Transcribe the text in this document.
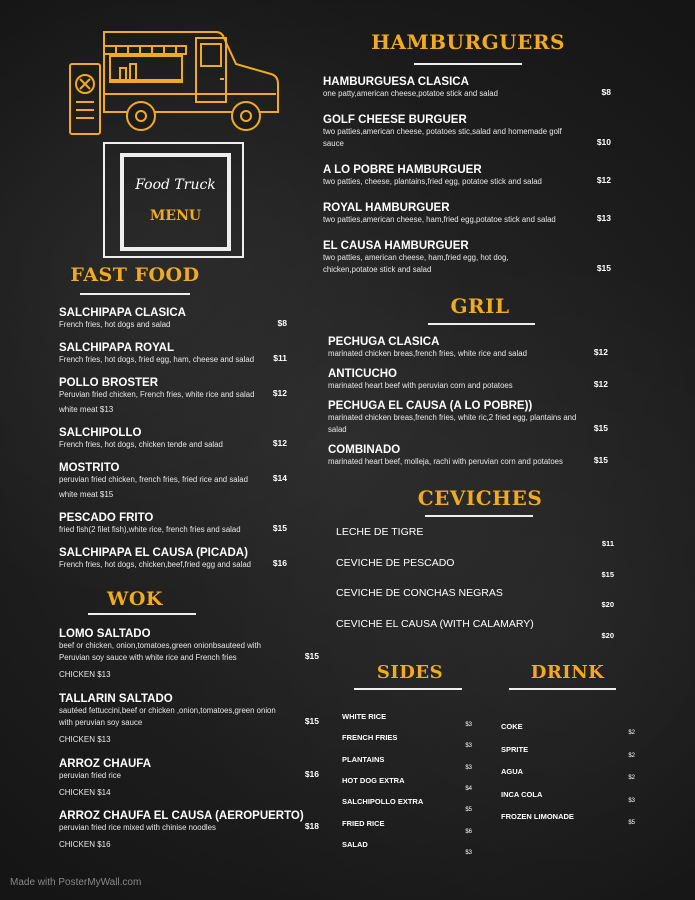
Food Truck
MENU
FAST FOOD
SALCHIPAPA CLASICA
French fries, hot dogs and salad	$8
SALCHIPAPA ROYAL
French fries, hot dogs, fried egg, ham, cheese and salad $11
POLLO BROSTER
Peruvian fried chicken, French fries, white rice and salad $12
white meat $13
SALCHIPOLLO
French fries, hot dogs, chicken tende and salad	$12
MOSTRITO
peruvian fried chicken, french fries, fried rice and salad	$14
white meat $15
PESCADO FRITO
fried fish(2 filet fish),white rice, french fries and salad	$15
SALCHIPAPA EL CAUSA (PICADA)
French fries, hot dogs, chicken,beef,fried egg and salad	$16
WOK
LOMO SALTADO
beef or chicken, onion,tomatoes,green onionbsauteed with
Peruvian soy sauce with white rice and French fries	$15
CHICKEN $13
TALLARIN SALTADO
sautéed fettuccini,beef or chicken ,onion,tomatoes,green onion
with peruvian soy sauce	$15
CHICKEN $13
ARROZ CHAUFA
peruvian fried rice	$16
CHICKEN $14
ARROZ CHAUFA EL CAUSA (AEROPUERTO)
peruvian fried rice mixed with chinise noodles	$18
CHICKEN $16
HAMBURGUERS
HAMBURGUESA CLASICA
one patty,american cheese,potatoe stick and salad	$8
GOLF CHEESE BURGUER
two patties,american cheese, potatoes stic,salad and homemade golf
sauce	$10
A LO POBRE HAMBURGUER
two patties, cheese, plantains,fried egg, potatoe stick and salad	$12
ROYAL HAMBURGUER
two patties,american cheese, ham,fried egg,potatoe stick and salad	$13
EL CAUSA HAMBURGUER
two patties, american cheese, ham,fried egg, hot dog,
chicken,potatoe stick and salad	$15
GRIL
PECHUGA CLASICA
marinated chicken breas,french fries, white rice and salad	$12
ANTICUCHO
marinated heart beef with peruvian corn and potatoes	$12
PECHUGA EL CAUSA (A LO POBRE))
marinated chicken breas,french fries, white ric,2 fried egg, plantains and
salad	$15
COMBINADO
marinated heart beef, molleja, rachi with peruvian corn and potatoes	$15
CEVICHES
LECHE DE TIGRE
$11
CEVICHE DE PESCADO
$15
CEVICHE DE CONCHAS NEGRAS
$20
CEVICHE EL CAUSA (WITH CALAMARY)
$20
SIDES
WHITE RICE
$3
FRENCH FRIES
$3
PLANTAINS
$3
HOT DOG EXTRA
$4
SALCHIPOLLO EXTRA
$5
FRIED RICE
$6
SALAD
$3
DRINK
COKE
$2
SPRITE
$2
AGUA
$2
INCA COLA
$3
FROZEN LIMONADE
$5
Made with PosterMyWall.com
